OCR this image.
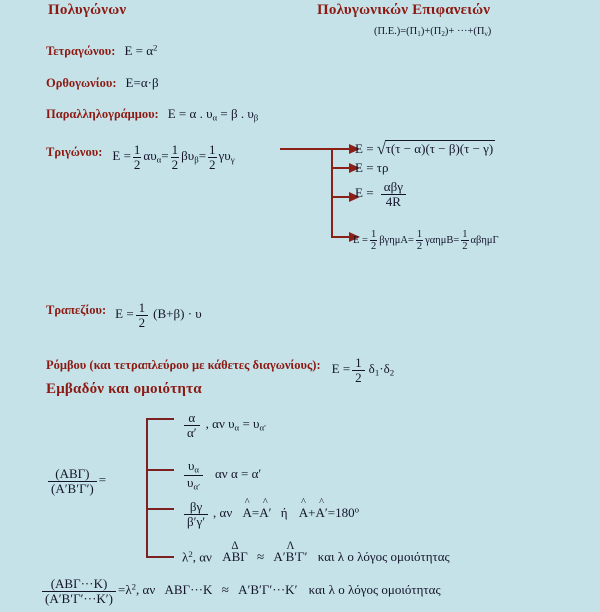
Πολυγώνων	Πολυγωνικών Επιφανειών
$(\Pi.E.)=(\Pi_1)+(\Pi_2)+ \cdot\cdot\cdot+(\Pi_\nu)$
Τετραγώνου: $E = \alpha^2$
Ορθογωνίου: E=α·β
Παραλληλογράμμου: E = α . $\upsilon_\alpha = \beta$ . $\upsilon_\beta$
$^{T\rho\iota\gamma ώ\nu o\upsilon:}$ $E = \frac{1}{2} \alpha\upsilon_\alpha= \frac{1}{2} \beta\upsilon_\beta= \frac{1}{2} \gamma\upsilon_\gamma$
E = √τ(τ − α)(τ − β)(τ − γ)
E = τρ
$E = \frac{\text{αβγ}}{4R}$
$E = \frac{1}{2} \beta\gamma\eta\mu A= \frac{1}{2} \gamma\alpha\eta\mu B= \frac{1}{2}$ αβημΓ
$^{T\rho\alpha\pi\varepsilon\zeta ίo\upsilon:}$ $E = \frac{1}{2} (B+\beta) \cdot \upsilon$
$^{Pό\mu\beta o\upsilon (\kappa\alpha\iota \tau\varepsilon\tau\rho\alpha\pi\lambda\varepsilon ύ\rho o\upsilon \mu\varepsilon \kappa ά\theta\varepsilon\tau\varepsilon\varsigma \delta\iota\alpha\gamma\omega\nu ίo\upsilon\varsigma):}$ $E = \frac{1}{2} \delta_1\cdot\delta_2$
Εμβαδόν και ομοιότητα
$\frac{\text{(ΑΒΓ)}}{(A'B'\Gamma')}$ =
$\frac{\alpha}{\alpha'}$ , αν $\upsilon_\alpha = \upsilon_{\alpha'}$
$\frac{\upsilon_\alpha}{\upsilon_{\alpha'}}$ αν α = α′
$\frac{\beta\gamma}{\beta'\gamma'}$ , αν
^
A=
^
A′ ή
^
A+
^
$A'=180^o$
$\lambda^2$, αν
Δ
ΑΒΓ ≈
Λ
Α′Β′Γ′ και λ ο λόγος ομοιότητας
$\frac{\text{(ΑΒΓ···Κ)}}{(A'B'\Gamma'\cdot\cdot\cdot K')} =\lambda^2$, αν ΑΒΓ···Κ ≈ Α′Β′Γ′···Κ′ και λ ο λόγος ομοιότητας
